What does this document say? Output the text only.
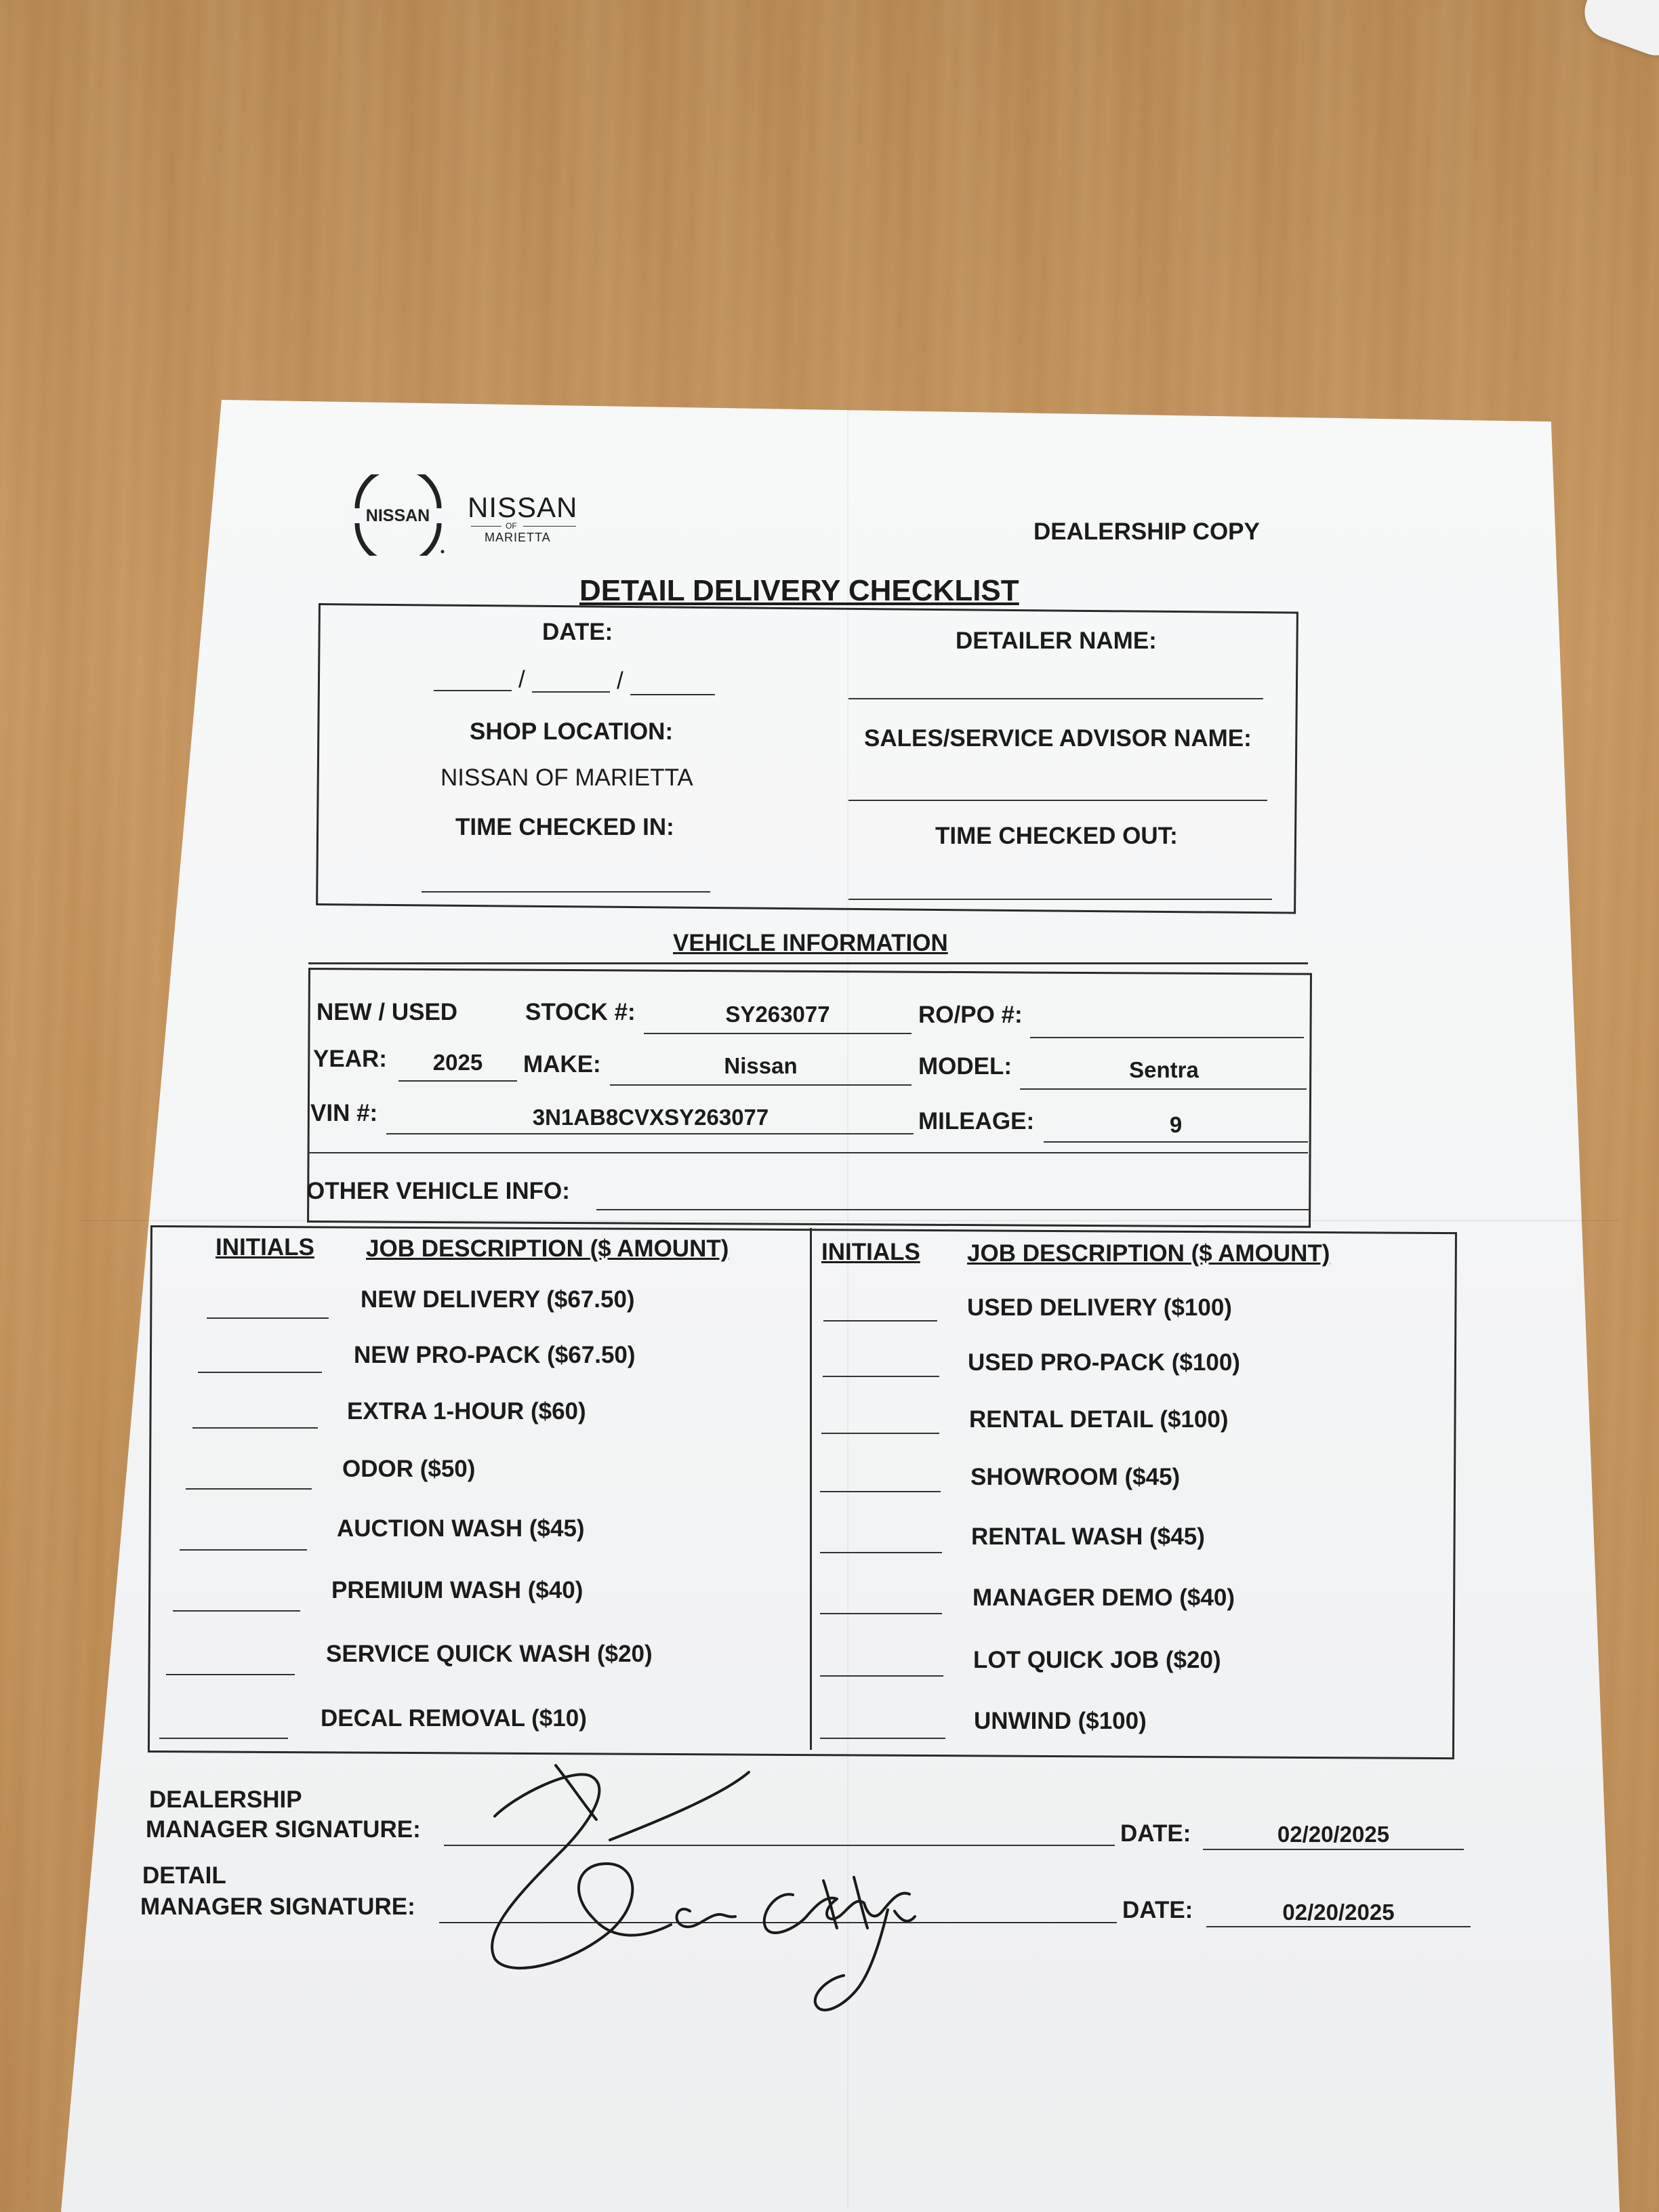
NISSAN NISSAN
OF
MARIETTA	DEALERSHIP COPY
DETAIL DELIVERY CHECKLIST
DATE:
/	/
DETAILER NAME:
SHOP LOCATION:
NISSAN OF MARIETTA
SALES/SERVICE ADVISOR NAME:
TIME CHECKED IN:	TIME CHECKED OUT:
VEHICLE INFORMATION
NEW / USED	STOCK #:	SY263077	RO/PO #:
YEAR:	2025	MAKE:	Nissan	MODEL:	Sentra
VIN #:	3N1AB8CVXSY263077	MILEAGE:	9
OTHER VEHICLE INFO:
INITIALS JOB DESCRIPTION ($ AMOUNT)	INITIALS JOB DESCRIPTION ($ AMOUNT)
NEW DELIVERY ($67.50)
NEW PRO-PACK ($67.50)
EXTRA 1-HOUR ($60)
ODOR ($50)
AUCTION WASH ($45)
PREMIUM WASH ($40)
SERVICE QUICK WASH ($20)
DECAL REMOVAL ($10)
USED DELIVERY ($100)
USED PRO-PACK ($100)
RENTAL DETAIL ($100)
SHOWROOM ($45)
RENTAL WASH ($45)
MANAGER DEMO ($40)
LOT QUICK JOB ($20)
UNWIND ($100)
DEALERSHIP
MANAGER SIGNATURE:	DATE:	02/20/2025
DETAIL
MANAGER SIGNATURE:	DATE:	02/20/2025
